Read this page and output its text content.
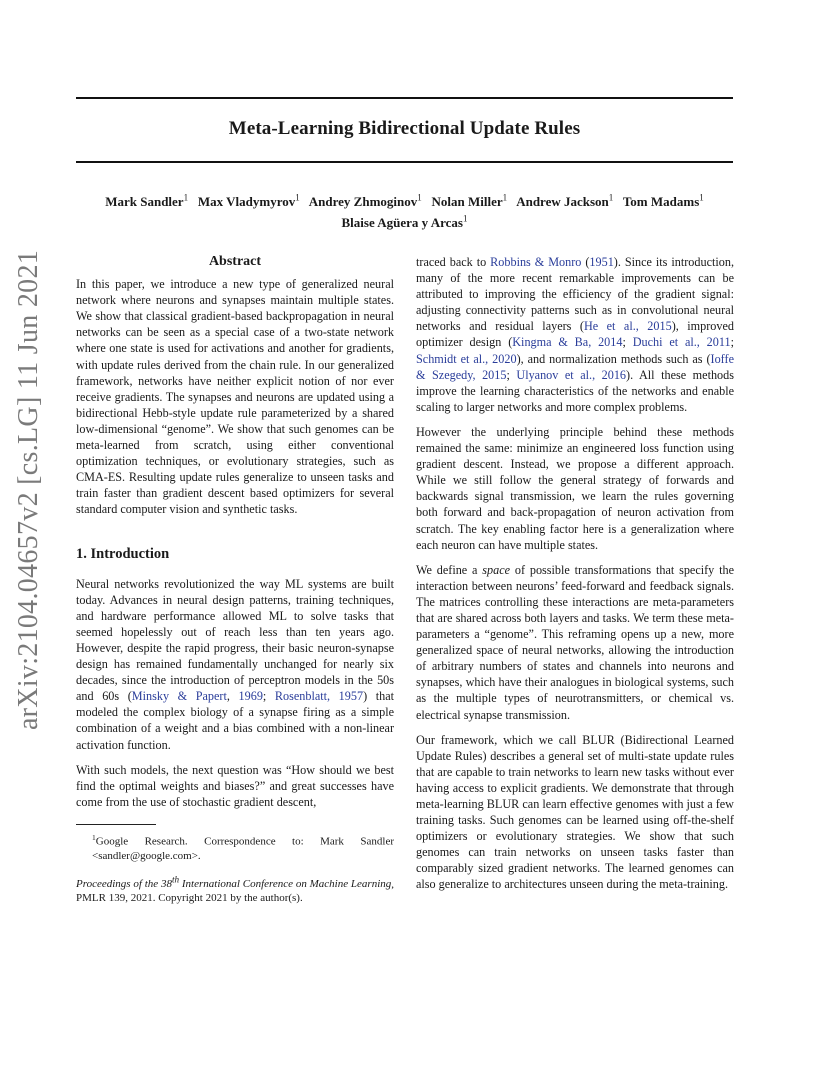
Meta-Learning Bidirectional Update Rules
Mark Sandler$^1$ Max Vladymyrov$^1$ Andrey Zhmoginov$^1$ Nolan Miller$^1$ Andrew Jackson$^1$ Tom Madams$^1$
Blaise Agüera y Arcas$^1$
arXiv:2104.04657v2 [cs.LG] 11 Jun 2021	Abstract

In this paper, we introduce a new type of generalized neural network where neurons and synapses maintain multiple states. We show that classical gradient-based backpropagation in neural networks can be seen as a special case of a two-state network where one state is used for activations and another for gradients, with update rules derived from the chain rule. In our generalized framework, networks have neither explicit notion of nor ever receive gradients. The synapses and neurons are updated using a bidirectional Hebb-style update rule parameterized by a shared low-dimensional “genome”. We show that such genomes can be meta-learned from scratch, using either conventional optimization techniques, or evolutionary strategies, such as CMA-ES. Resulting update rules generalize to unseen tasks and train faster than gradient descent based optimizers for several standard computer vision and synthetic tasks.

1. Introduction

Neural networks revolutionized the way ML systems are built today. Advances in neural design patterns, training techniques, and hardware performance allowed ML to solve tasks that seemed hopelessly out of reach less than ten years ago. However, despite the rapid progress, their basic neuron-synapse design has remained fundamentally unchanged for nearly six decades, since the introduction of perceptron models in the 50s and 60s (Minsky & Papert, 1969; Rosenblatt, 1957) that modeled the complex biology of a synapse firing as a simple combination of a weight and a bias combined with a non-linear activation function.

With such models, the next question was “How should we best find the optimal weights and biases?” and great successes have come from the use of stochastic gradient descent,

$^1$Google Research. Correspondence to: Mark Sandler <sandler@google.com>.
Proceedings of the 38th International Conference on Machine Learning, PMLR 139, 2021. Copyright 2021 by the author(s).

traced back to Robbins & Monro (1951). Since its introduction, many of the more recent remarkable improvements can be attributed to improving the efficiency of the gradient signal: adjusting connectivity patterns such as in convolutional neural networks and residual layers (He et al., 2015), improved optimizer design (Kingma & Ba, 2014; Duchi et al., 2011; Schmidt et al., 2020), and normalization methods such as (Ioffe & Szegedy, 2015; Ulyanov et al., 2016). All these methods improve the learning characteristics of the networks and enable scaling to larger networks and more complex problems.

However the underlying principle behind these methods remained the same: minimize an engineered loss function using gradient descent. Instead, we propose a different approach. While we still follow the general strategy of forwards and backwards signal transmission, we learn the rules governing both forward and back-propagation of neuron activation from scratch. The key enabling factor here is a generalization where each neuron can have multiple states.

We define a space of possible transformations that specify the interaction between neurons’ feed-forward and feedback signals. The matrices controlling these interactions are meta-parameters that are shared across both layers and tasks. We term these meta-parameters a “genome”. This reframing opens up a new, more generalized space of neural networks, allowing the introduction of arbitrary numbers of states and channels into neurons and synapses, which have their analogues in biological systems, such as the multiple types of neurotransmitters, or chemical vs. electrical synapse transmission.

Our framework, which we call BLUR (Bidirectional Learned Update Rules) describes a general set of multi-state update rules that are capable to train networks to learn new tasks without ever having access to explicit gradients. We demonstrate that through meta-learning BLUR can learn effective genomes with just a few training tasks. Such genomes can be learned using off-the-shelf optimizers or evolutionary strategies. We show that such genomes can train networks on unseen tasks faster than comparably sized gradient networks. The learned genomes can also generalize to architectures unseen during the meta-training.
